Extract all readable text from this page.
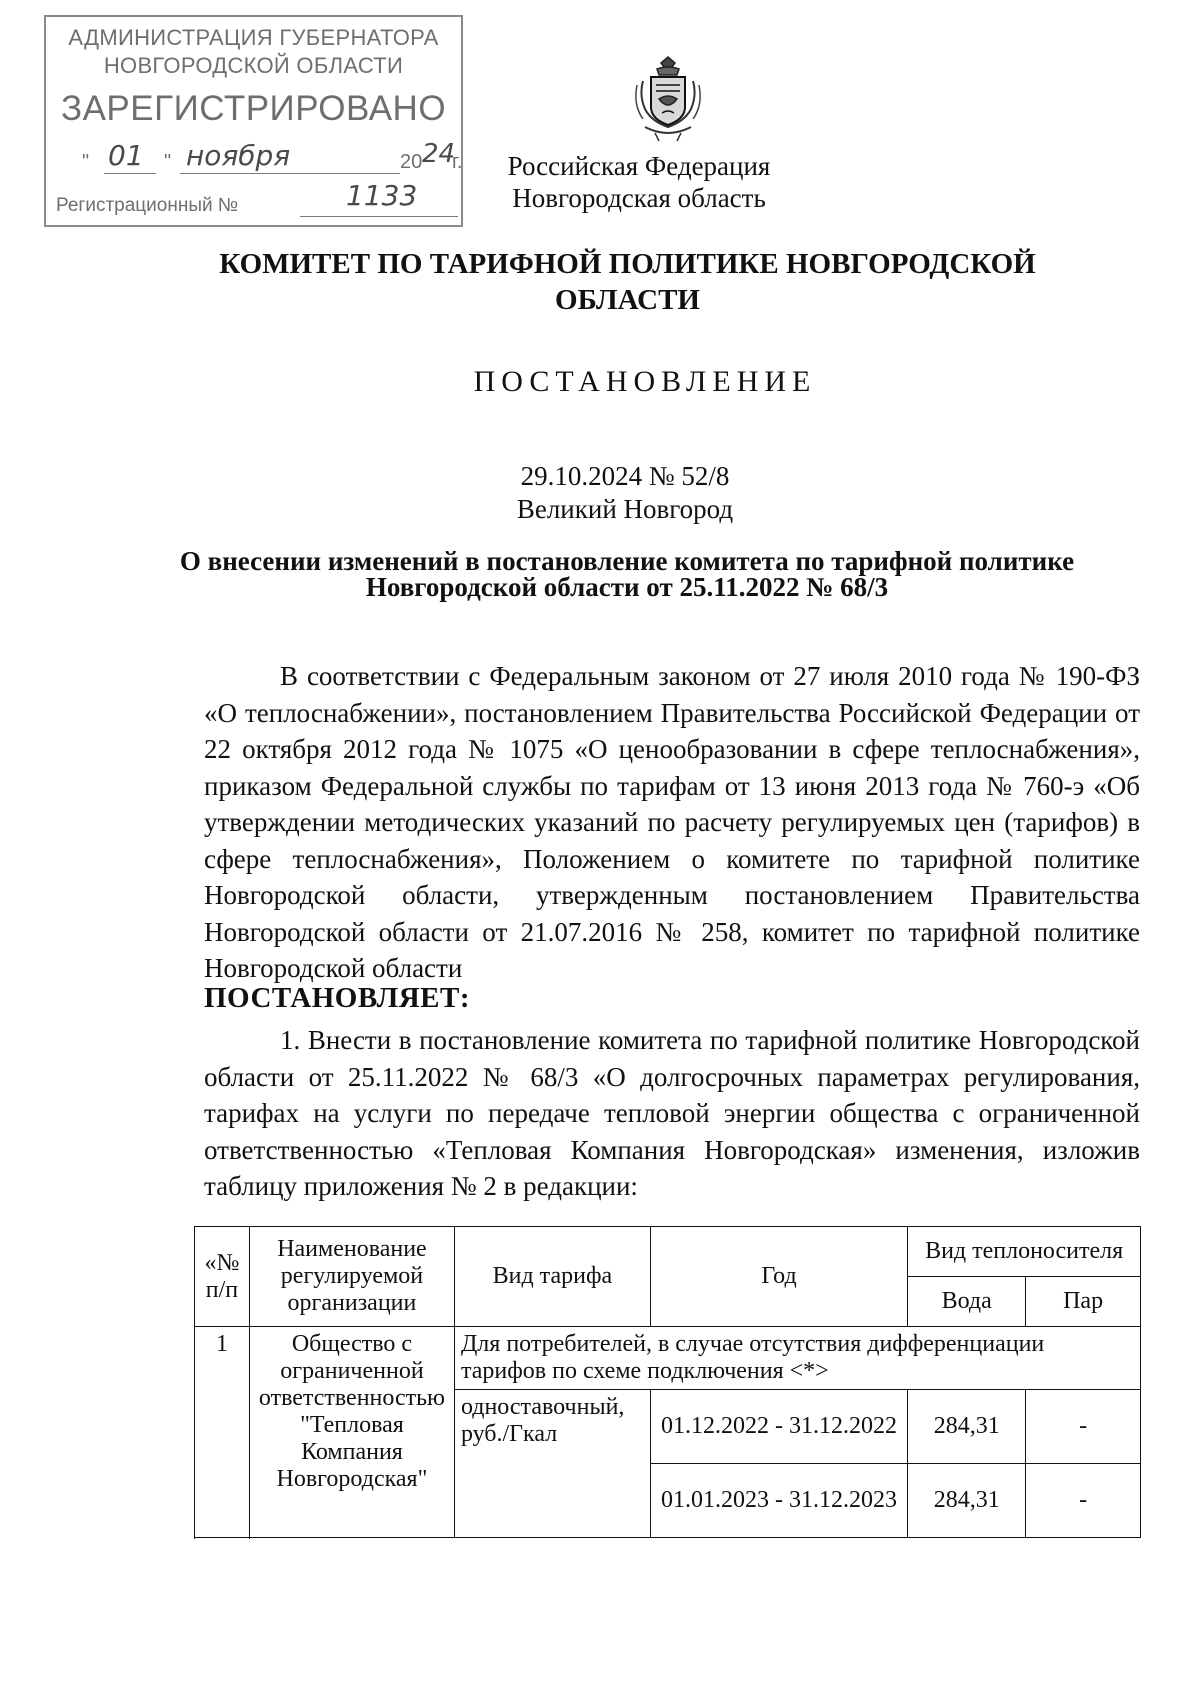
АДМИНИСТРАЦИЯ ГУБЕРНАТОРА
НОВГОРОДСКОЙ ОБЛАСТИ
ЗАРЕГИСТРИРОВАНО
" 01 " ноября	20 24
г.
Регистрационный №	1133
Российская Федерация
Новгородская область
КОМИТЕТ ПО ТАРИФНОЙ ПОЛИТИКЕ НОВГОРОДСКОЙ
ОБЛАСТИ
ПОСТАНОВЛЕНИЕ
29.10.2024 № 52/8
Великий Новгород
О внесении изменений в постановление комитета по тарифной политике
Новгородской области от 25.11.2022 № 68/3
В соответствии с Федеральным законом от 27 июля 2010 года № 190-ФЗ «О теплоснабжении», постановлением Правительства Российской Федерации от 22 октября 2012 года № 1075 «О ценообразовании в сфере теплоснабжения», приказом Федеральной службы по тарифам от 13 июня 2013 года № 760-э «Об утверждении методических указаний по расчету регулируемых цен (тарифов) в сфере теплоснабжения», Положением о комитете по тарифной политике Новгородской области, утвержденным постановлением Правительства Новгородской области от 21.07.2016 № 258, комитет по тарифной политике Новгородской области
ПОСТАНОВЛЯЕТ:
1. Внести в постановление комитета по тарифной политике Новгородской области от 25.11.2022 № 68/3 «О долгосрочных параметрах регулирования, тарифах на услуги по передаче тепловой энергии общества с ограниченной ответственностью «Тепловая Компания Новгородская» изменения, изложив таблицу приложения № 2 в редакции:
«№ п/п	Наименование регулируемой организации	Вид тарифа	Год	Вид теплоносителя	
				Вода	Пар
1	Общество с ограниченной ответственностью "Тепловая Компания Новгородская"	Для потребителей, в случае отсутствия дифференциации тарифов по схеме подключения <*>			
		одноставочный, руб./Гкал	01.12.2022 - 31.12.2022	284,31	-
			01.01.2023 - 31.12.2023	284,31	-
